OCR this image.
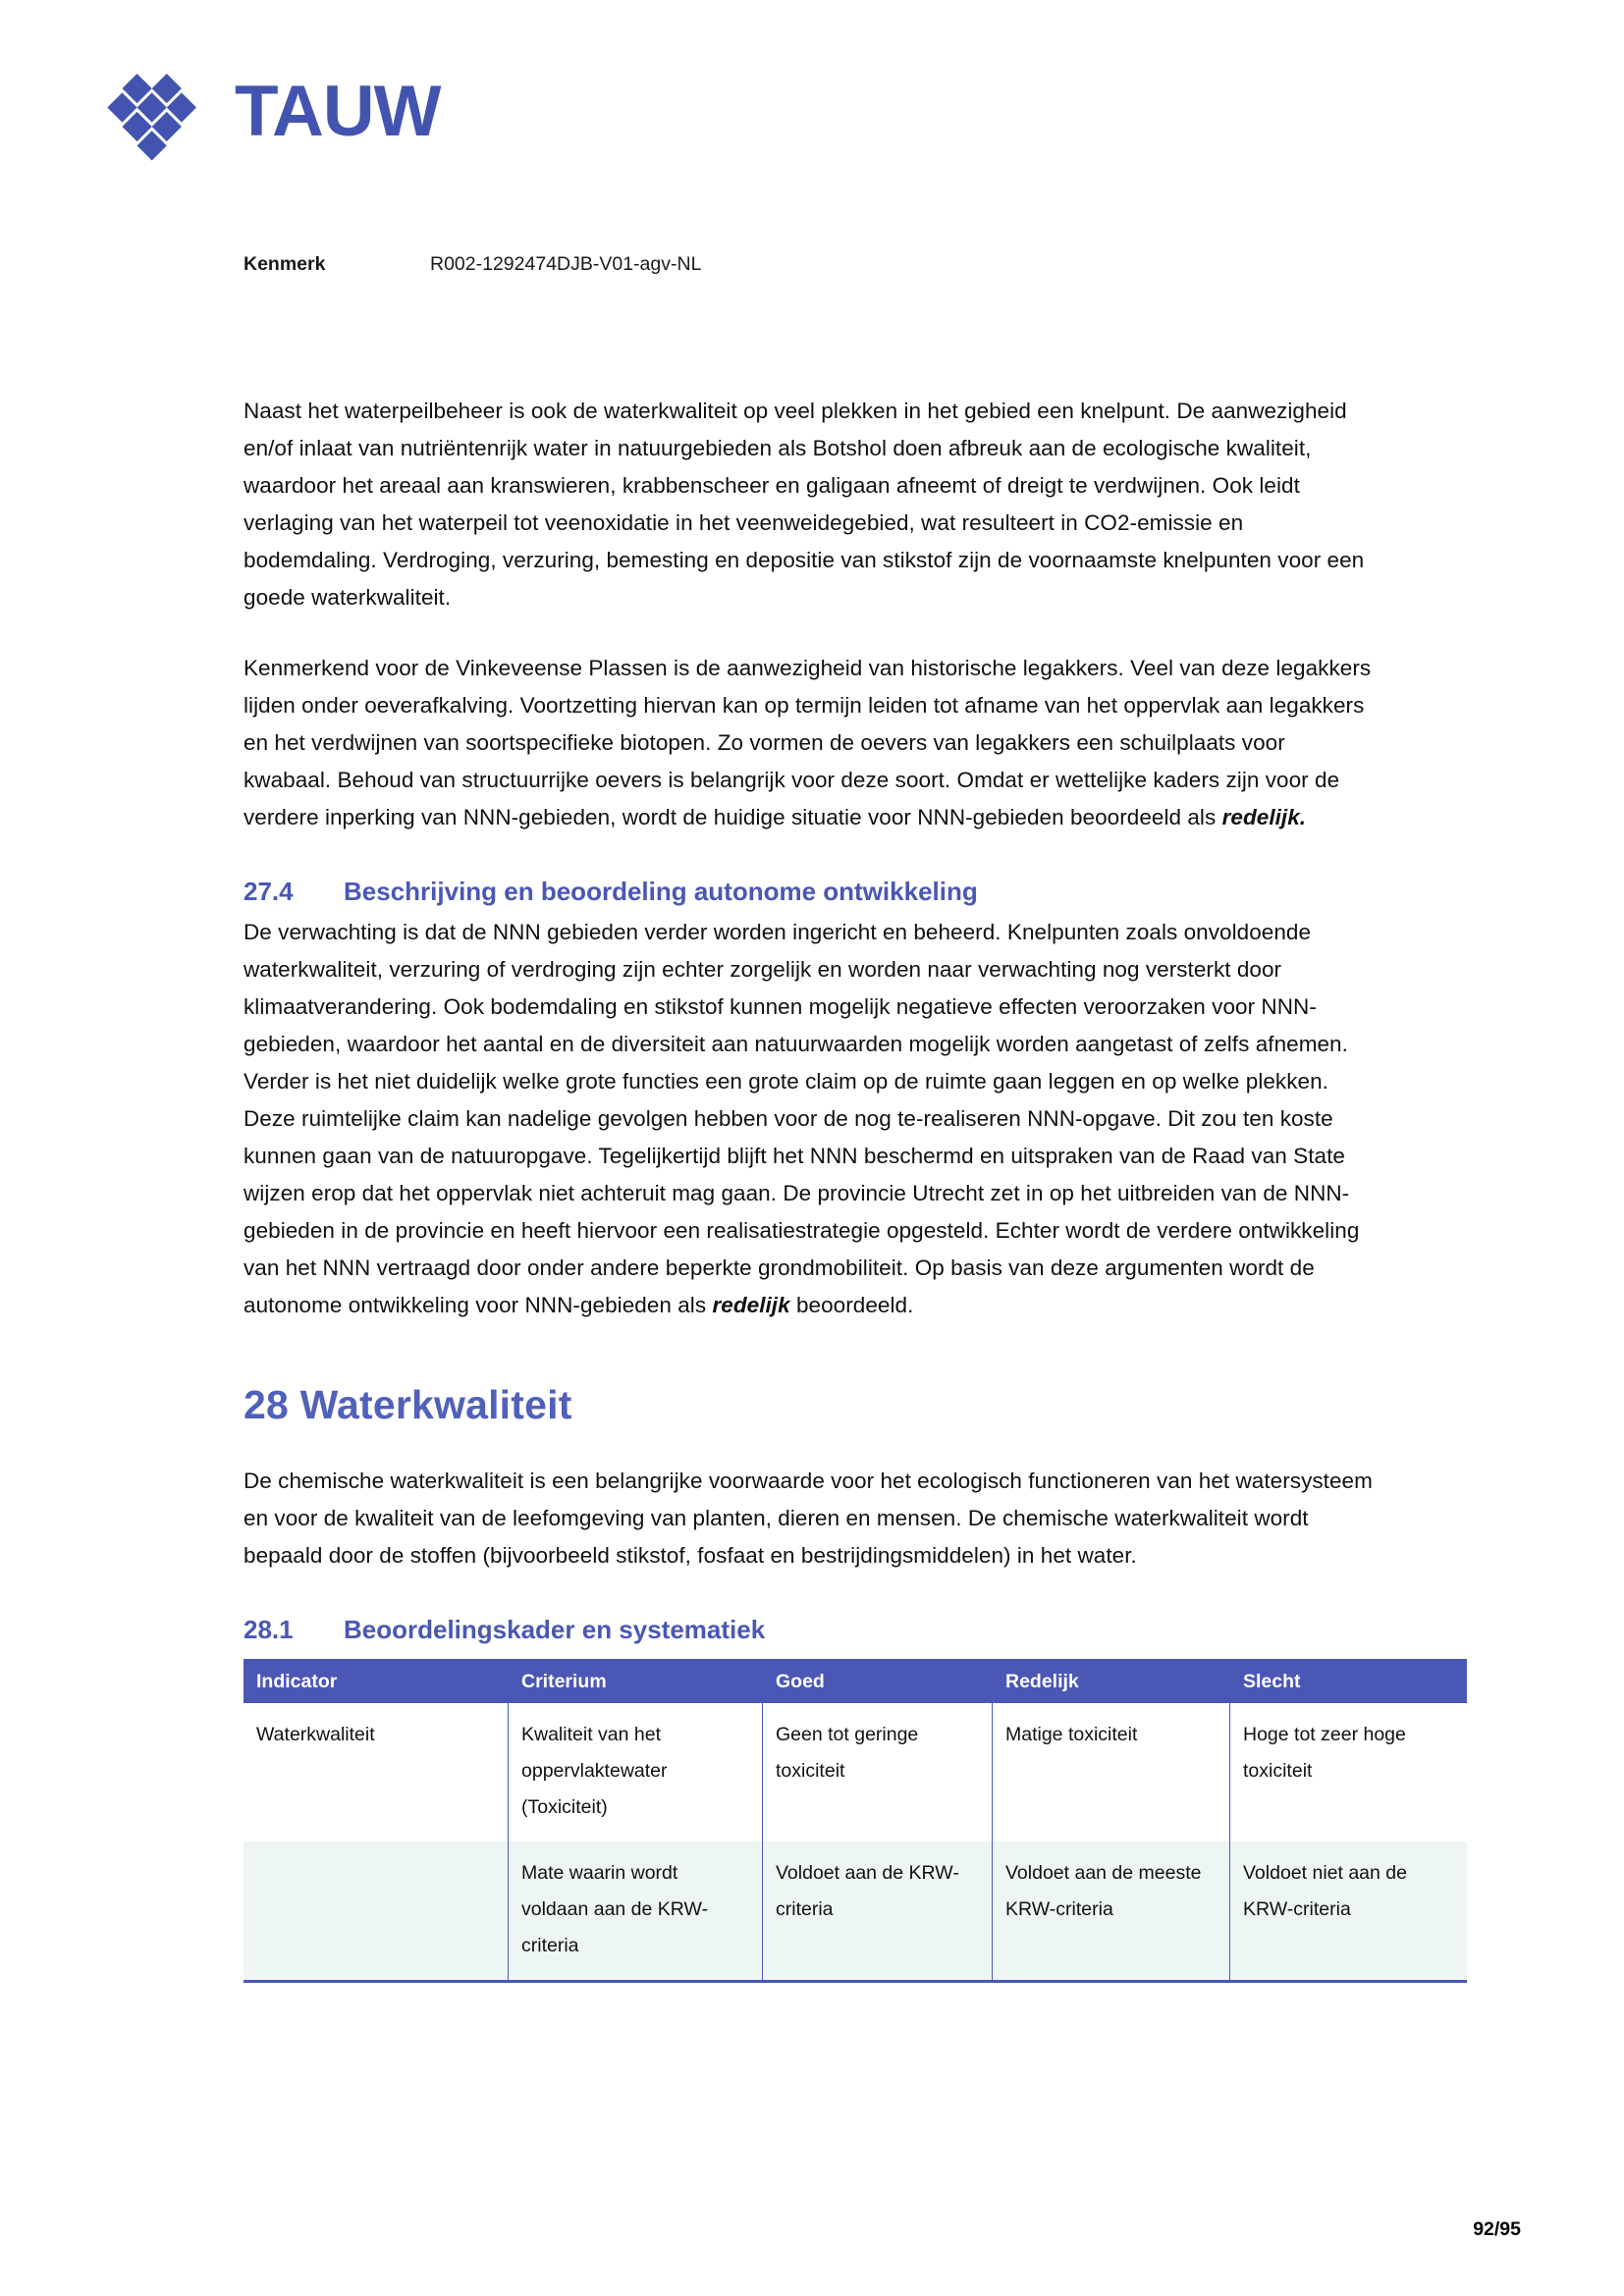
TAUW
Kenmerk	R002-1292474DJB-V01-agv-NL

Naast het waterpeilbeheer is ook de waterkwaliteit op veel plekken in het gebied een knelpunt. De aanwezigheid en/of inlaat van nutriëntenrijk water in natuurgebieden als Botshol doen afbreuk aan de ecologische kwaliteit, waardoor het areaal aan kranswieren, krabbenscheer en galigaan afneemt of dreigt te verdwijnen. Ook leidt verlaging van het waterpeil tot veenoxidatie in het veenweidegebied, wat resulteert in CO2-emissie en bodemdaling. Verdroging, verzuring, bemesting en depositie van stikstof zijn de voornaamste knelpunten voor een goede waterkwaliteit.

Kenmerkend voor de Vinkeveense Plassen is de aanwezigheid van historische legakkers. Veel van deze legakkers lijden onder oeverafkalving. Voortzetting hiervan kan op termijn leiden tot afname van het oppervlak aan legakkers en het verdwijnen van soortspecifieke biotopen. Zo vormen de oevers van legakkers een schuilplaats voor kwabaal. Behoud van structuurrijke oevers is belangrijk voor deze soort. Omdat er wettelijke kaders zijn voor de verdere inperking van NNN-gebieden, wordt de huidige situatie voor NNN-gebieden beoordeeld als redelijk.

27.4	Beschrijving en beoordeling autonome ontwikkeling

De verwachting is dat de NNN gebieden verder worden ingericht en beheerd. Knelpunten zoals onvoldoende waterkwaliteit, verzuring of verdroging zijn echter zorgelijk en worden naar verwachting nog versterkt door klimaatverandering. Ook bodemdaling en stikstof kunnen mogelijk negatieve effecten veroorzaken voor NNN-gebieden, waardoor het aantal en de diversiteit aan natuurwaarden mogelijk worden aangetast of zelfs afnemen. Verder is het niet duidelijk welke grote functies een grote claim op de ruimte gaan leggen en op welke plekken. Deze ruimtelijke claim kan nadelige gevolgen hebben voor de nog te-realiseren NNN-opgave. Dit zou ten koste kunnen gaan van de natuuropgave. Tegelijkertijd blijft het NNN beschermd en uitspraken van de Raad van State wijzen erop dat het oppervlak niet achteruit mag gaan. De provincie Utrecht zet in op het uitbreiden van de NNN-gebieden in de provincie en heeft hiervoor een realisatiestrategie opgesteld. Echter wordt de verdere ontwikkeling van het NNN vertraagd door onder andere beperkte grondmobiliteit. Op basis van deze argumenten wordt de autonome ontwikkeling voor NNN-gebieden als redelijk beoordeeld.

28 Waterkwaliteit

De chemische waterkwaliteit is een belangrijke voorwaarde voor het ecologisch functioneren van het watersysteem en voor de kwaliteit van de leefomgeving van planten, dieren en mensen. De chemische waterkwaliteit wordt bepaald door de stoffen (bijvoorbeeld stikstof, fosfaat en bestrijdingsmiddelen) in het water.

28.1	Beoordelingskader en systematiek
Indicator	Criterium	Goed	Redelijk	Slecht
Waterkwaliteit	Kwaliteit van het oppervlaktewater (Toxiciteit)	Geen tot geringe toxiciteit	Matige toxiciteit	Hoge tot zeer hoge toxiciteit
	Mate waarin wordt voldaan aan de KRW-criteria	Voldoet aan de KRW-criteria	Voldoet aan de meeste KRW-criteria	Voldoet niet aan de KRW-criteria
92/95
